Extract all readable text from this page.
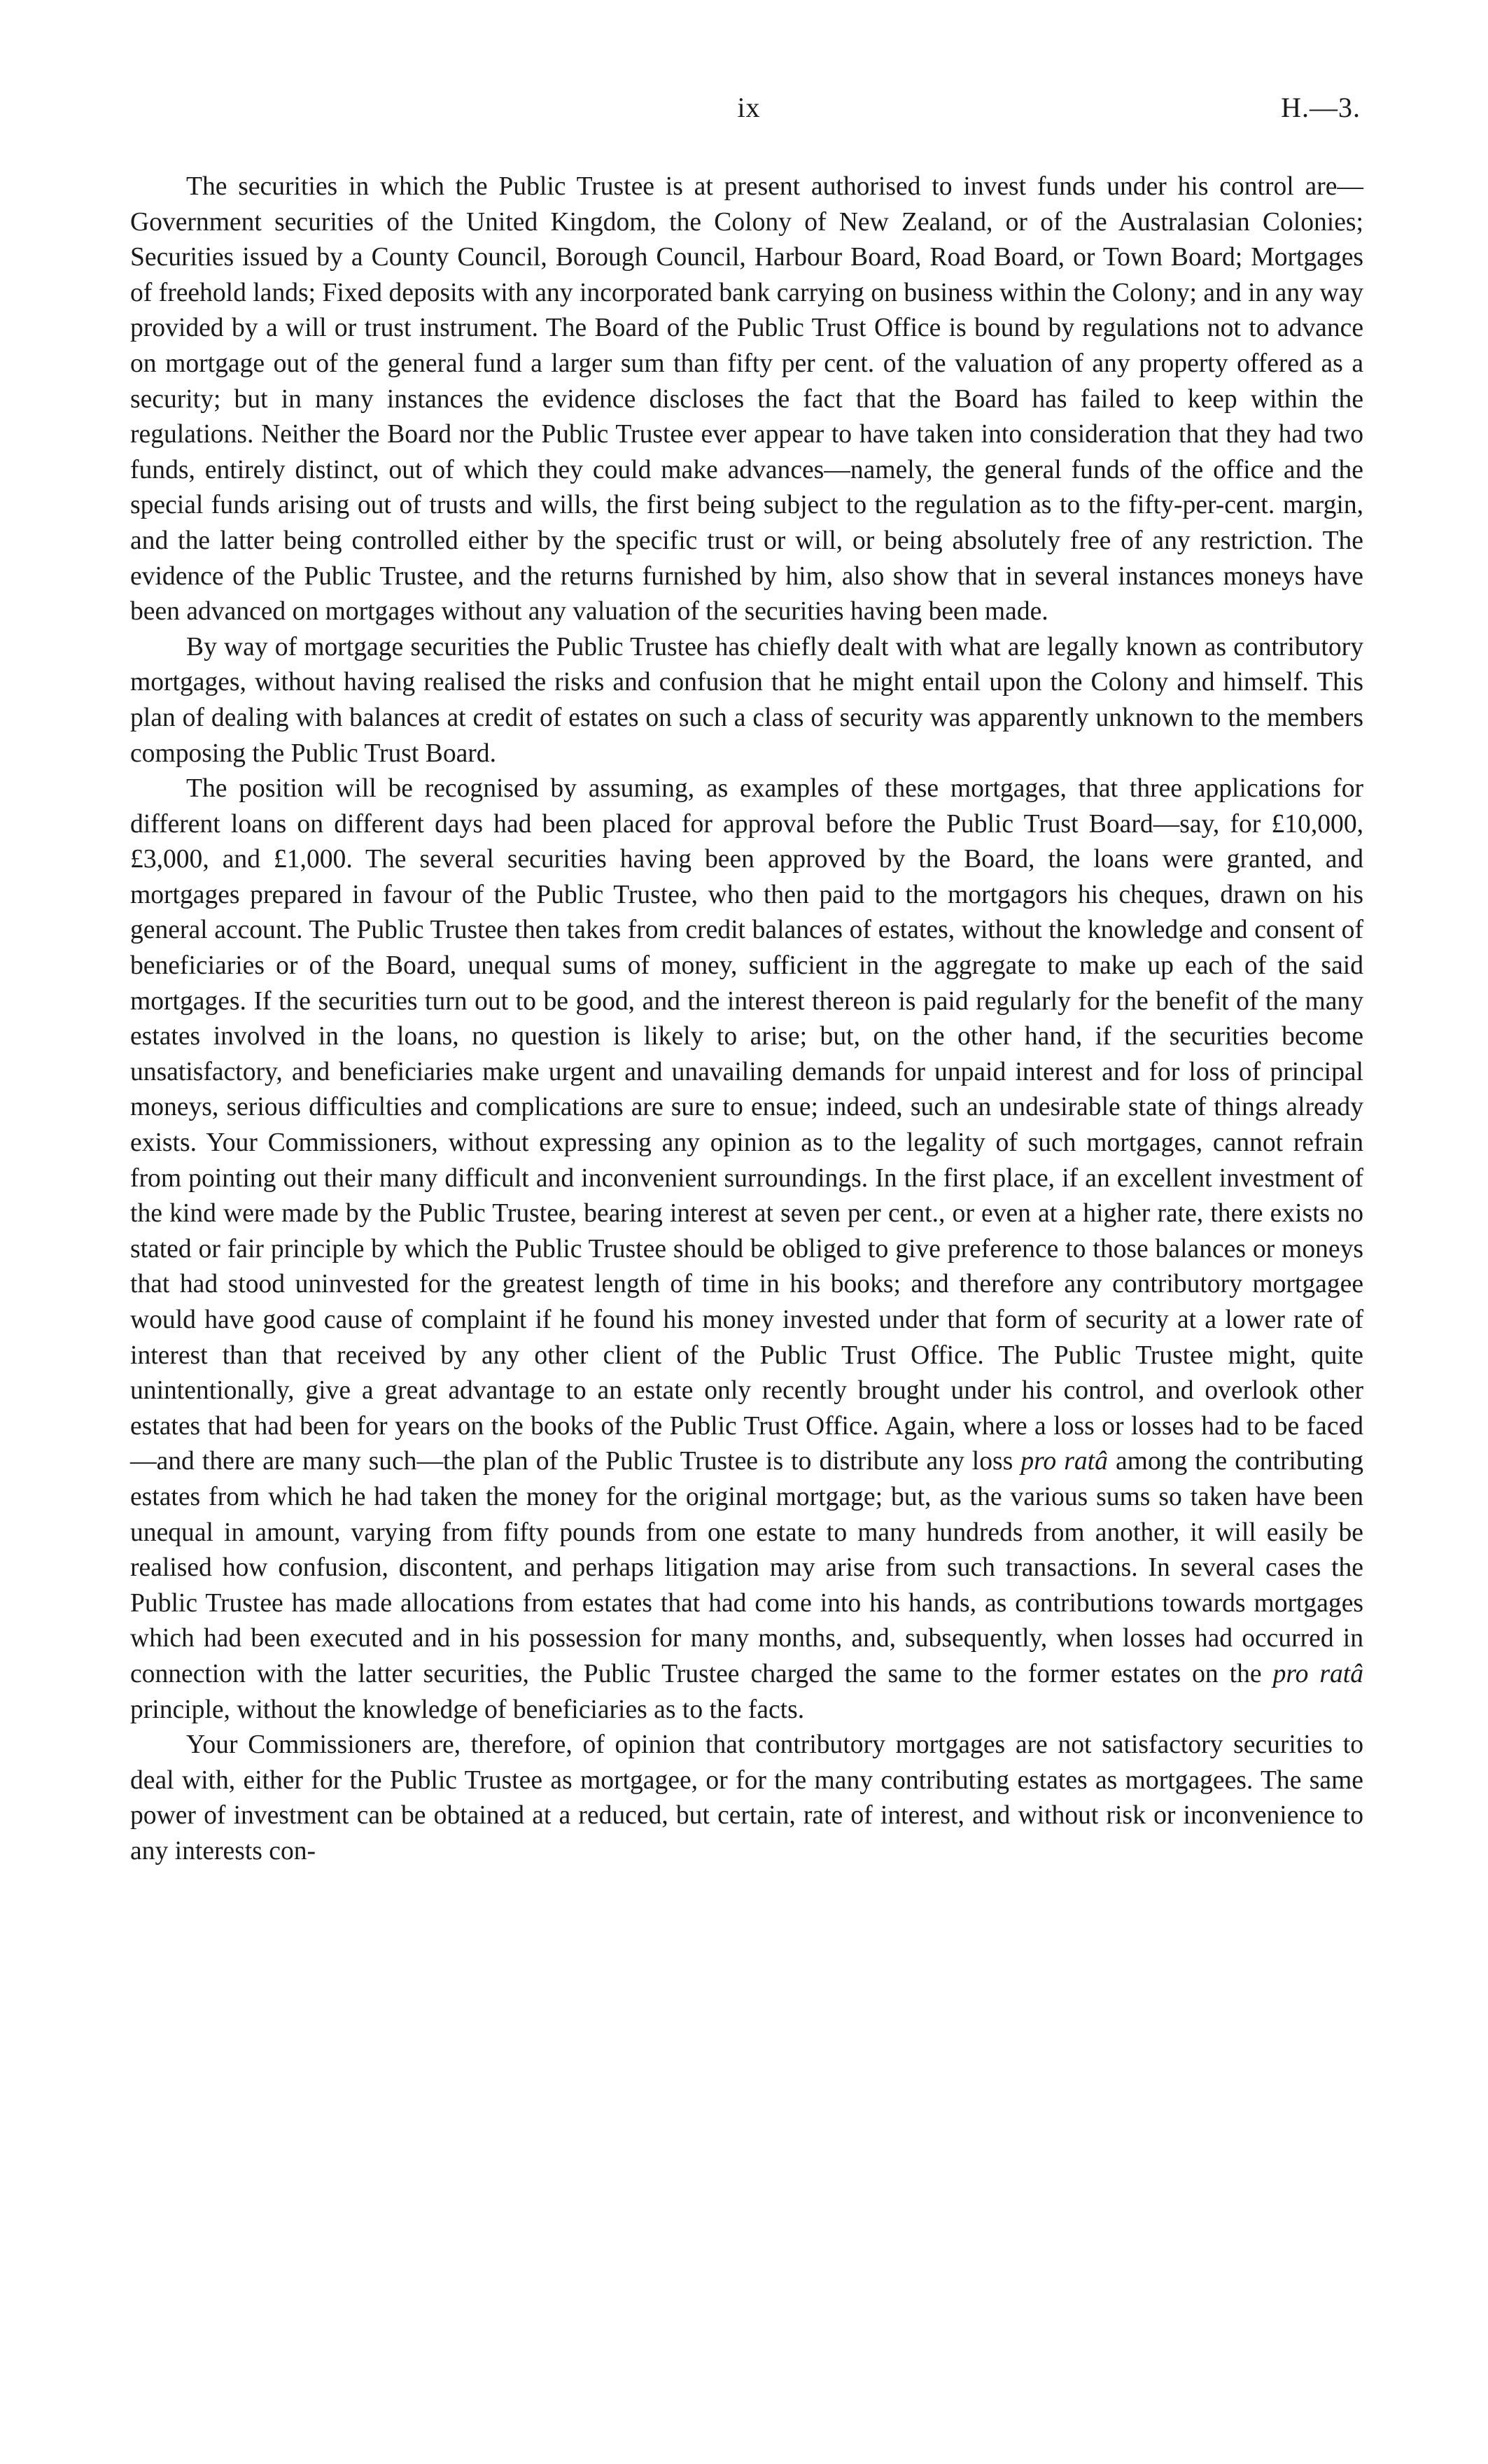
ix	H.—3.

The securities in which the Public Trustee is at present authorised to invest funds under his control are—Government securities of the United Kingdom, the Colony of New Zealand, or of the Australasian Colonies; Securities issued by a County Council, Borough Council, Harbour Board, Road Board, or Town Board; Mortgages of freehold lands; Fixed deposits with any incorporated bank carrying on business within the Colony; and in any way provided by a will or trust instrument. The Board of the Public Trust Office is bound by regulations not to advance on mortgage out of the general fund a larger sum than fifty per cent. of the valuation of any property offered as a security; but in many instances the evidence discloses the fact that the Board has failed to keep within the regulations. Neither the Board nor the Public Trustee ever appear to have taken into consideration that they had two funds, entirely distinct, out of which they could make advances—namely, the general funds of the office and the special funds arising out of trusts and wills, the first being subject to the regulation as to the fifty-per-cent. margin, and the latter being controlled either by the specific trust or will, or being absolutely free of any restriction. The evidence of the Public Trustee, and the returns furnished by him, also show that in several instances moneys have been advanced on mortgages without any valuation of the securities having been made.

By way of mortgage securities the Public Trustee has chiefly dealt with what are legally known as contributory mortgages, without having realised the risks and confusion that he might entail upon the Colony and himself. This plan of dealing with balances at credit of estates on such a class of security was apparently unknown to the members composing the Public Trust Board.

The position will be recognised by assuming, as examples of these mortgages, that three applications for different loans on different days had been placed for approval before the Public Trust Board—say, for £10,000, £3,000, and £1,000. The several securities having been approved by the Board, the loans were granted, and mortgages prepared in favour of the Public Trustee, who then paid to the mortgagors his cheques, drawn on his general account. The Public Trustee then takes from credit balances of estates, without the knowledge and consent of beneficiaries or of the Board, unequal sums of money, sufficient in the aggregate to make up each of the said mortgages. If the securities turn out to be good, and the interest thereon is paid regularly for the benefit of the many estates involved in the loans, no question is likely to arise; but, on the other hand, if the securities become unsatisfactory, and beneficiaries make urgent and unavailing demands for unpaid interest and for loss of principal moneys, serious difficulties and complications are sure to ensue; indeed, such an undesirable state of things already exists. Your Commissioners, without expressing any opinion as to the legality of such mortgages, cannot refrain from pointing out their many difficult and inconvenient surroundings. In the first place, if an excellent investment of the kind were made by the Public Trustee, bearing interest at seven per cent., or even at a higher rate, there exists no stated or fair principle by which the Public Trustee should be obliged to give preference to those balances or moneys that had stood uninvested for the greatest length of time in his books; and therefore any contributory mortgagee would have good cause of complaint if he found his money invested under that form of security at a lower rate of interest than that received by any other client of the Public Trust Office. The Public Trustee might, quite unintentionally, give a great advantage to an estate only recently brought under his control, and overlook other estates that had been for years on the books of the Public Trust Office. Again, where a loss or losses had to be faced—and there are many such—the plan of the Public Trustee is to distribute any loss pro ratâ among the contributing estates from which he had taken the money for the original mortgage; but, as the various sums so taken have been unequal in amount, varying from fifty pounds from one estate to many hundreds from another, it will easily be realised how confusion, discontent, and perhaps litigation may arise from such transactions. In several cases the Public Trustee has made allocations from estates that had come into his hands, as contributions towards mortgages which had been executed and in his possession for many months, and, subsequently, when losses had occurred in connection with the latter securities, the Public Trustee charged the same to the former estates on the pro ratâ principle, without the knowledge of beneficiaries as to the facts.

Your Commissioners are, therefore, of opinion that contributory mortgages are not satisfactory securities to deal with, either for the Public Trustee as mortgagee, or for the many contributing estates as mortgagees. The same power of investment can be obtained at a reduced, but certain, rate of interest, and without risk or inconvenience to any interests con-
